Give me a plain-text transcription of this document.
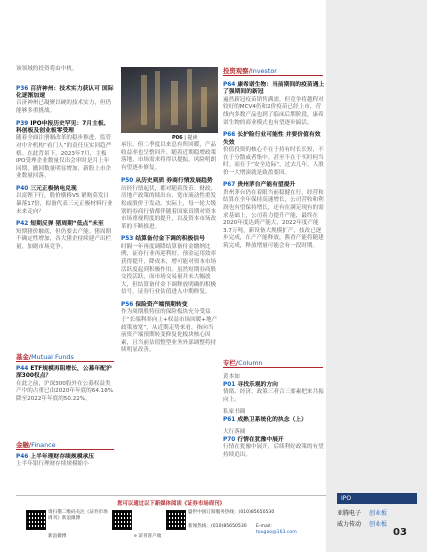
该领域的投资将由中机。
P36 百济神州：技术实力获认可 国际化逐渐加速
百济神州已凝聚以硬的技术实力，但仍能够多重挑战。
P39 IPO申报历史罕见：7月主板、科创板及创业板零受理
随着全面注册制改革的稳步推进，监管对中介机构“看门人”的责任压实回趋严格。在此背景下，2023年7月，主板IPO受理企业数量仅出会审时是月上年同期，撤回数量明显增加，新股上市企业数量回落。
P40 三元正极钠电兑现
以富锂下行，股价横移V5 紧购莫发日暴落17倍，拟备代表三元正极材料行业未来走向？
P42 短期反弹 猪周期“低点”未至
短期猪价触底，但仍要去产能。猪周期不确定性增加，各大猪企持续建产出栏量，加剧市场竞争。
基金/Mutual Funds
P44 ETF规模再阻增长，公募年配沪深300权点？
在此之前，沪深300股外在公募权益类产中的占重已由2020年年底的64.18%降至2022年年底的50.22%。
金融/Finance
P46 上半年理财存续规模承压
上半年银行理财存续规模缩小
P06 | 提读
承压。但二季度以来总有所回暖，产品收益率也呈整回升。随着近期稳增政策落地，市场需求将得以提振，风险明朗有望逐步修复。
P50 从历史到质 券商行情发展趋势
历经行情起伏，都对随着货币、财政、房地产政策的续出台，宽市流动性重发松或股价于发动。实际上，每一轮大级别的券商行情都伴随着国家真期对资本市场重视程度的提升，以及资本市场改革的不断推进。
P53 结算备付金下调的积极信号
时隔一年再度调降结算备付金缴纳比例，证券行业再迎利好。预金运用效率获得提升，降成本，增可能对资本市场活跃度起到积极作用。虽然短期券商股交投活跃，而市场交易量并未大幅放大，但结算备付金下调释放明确的积极信号，证券行业估值进入中期修复。
P56 保险资产端预期转变
作为周期股特征的保险板块充分受益于“长端利率向上+权益市场回暖+地产政策放宽”，从近期走势来看，指向当前资产端预期转变修复化板块核心因素，且当前估值整型业务外部调整将持续明显改善。
投资观察/Investor
P64 康希诺生物：当前期间的疫苗遇上了强期间的新冠
遍然新冠疫苗销售满需，但竞争将越程对较好的MCV4仍和2价疫苗已经上市，营线内多数产品也到了临床后期阶段，康希诺生物的商业模式也有望逐步搞活。
P66 长护险行业可能性 并要价值有效失效
价值投资的核心不在于持有时长长短，不在于分散或者集中、甚至不在于买时何当时。而在于“安全边际”，过去几年，人股价一大增滚就是致盈要因。
P67 贵州茅台产能有望提升
贵州茅台仍在着眼当前稳健在行，经营和结算在全年保持高速增长，公司营收和利润也有望保持增长，还有在满足现有的需求基础上，公司着力提升产能，最终在2020年度达到产能大，2022年度产能3.7万吨，新设备大规模扩产，技改已逐步完成，在产产能释放，酱香产能将随建筑完成，释放增量可能会有一段时期。
专栏/Column
黄本如
P01 寻找乐观的方向
情绪、经济、政策三者合三要素把来共振向上。
私家书圈
P61 成熟卫系统化的执念（上）
大行落阔
P70 行情在犹豫中展开
行情在犹豫中展开，后续利好政策的有望持续追出。
您可以通过以下新媒体阅读《证券市场周刊》
请扫描二维码关注《证券市场周刊》新浪微博
新浪微博	e 读刊客户端
盛世中国订阅服务热线：(010)85650530
新闻热线：(010)85650530	E-mail:
tougao@163.com
IPO
亚腾电子 创业板
威力传动 创业板
03
